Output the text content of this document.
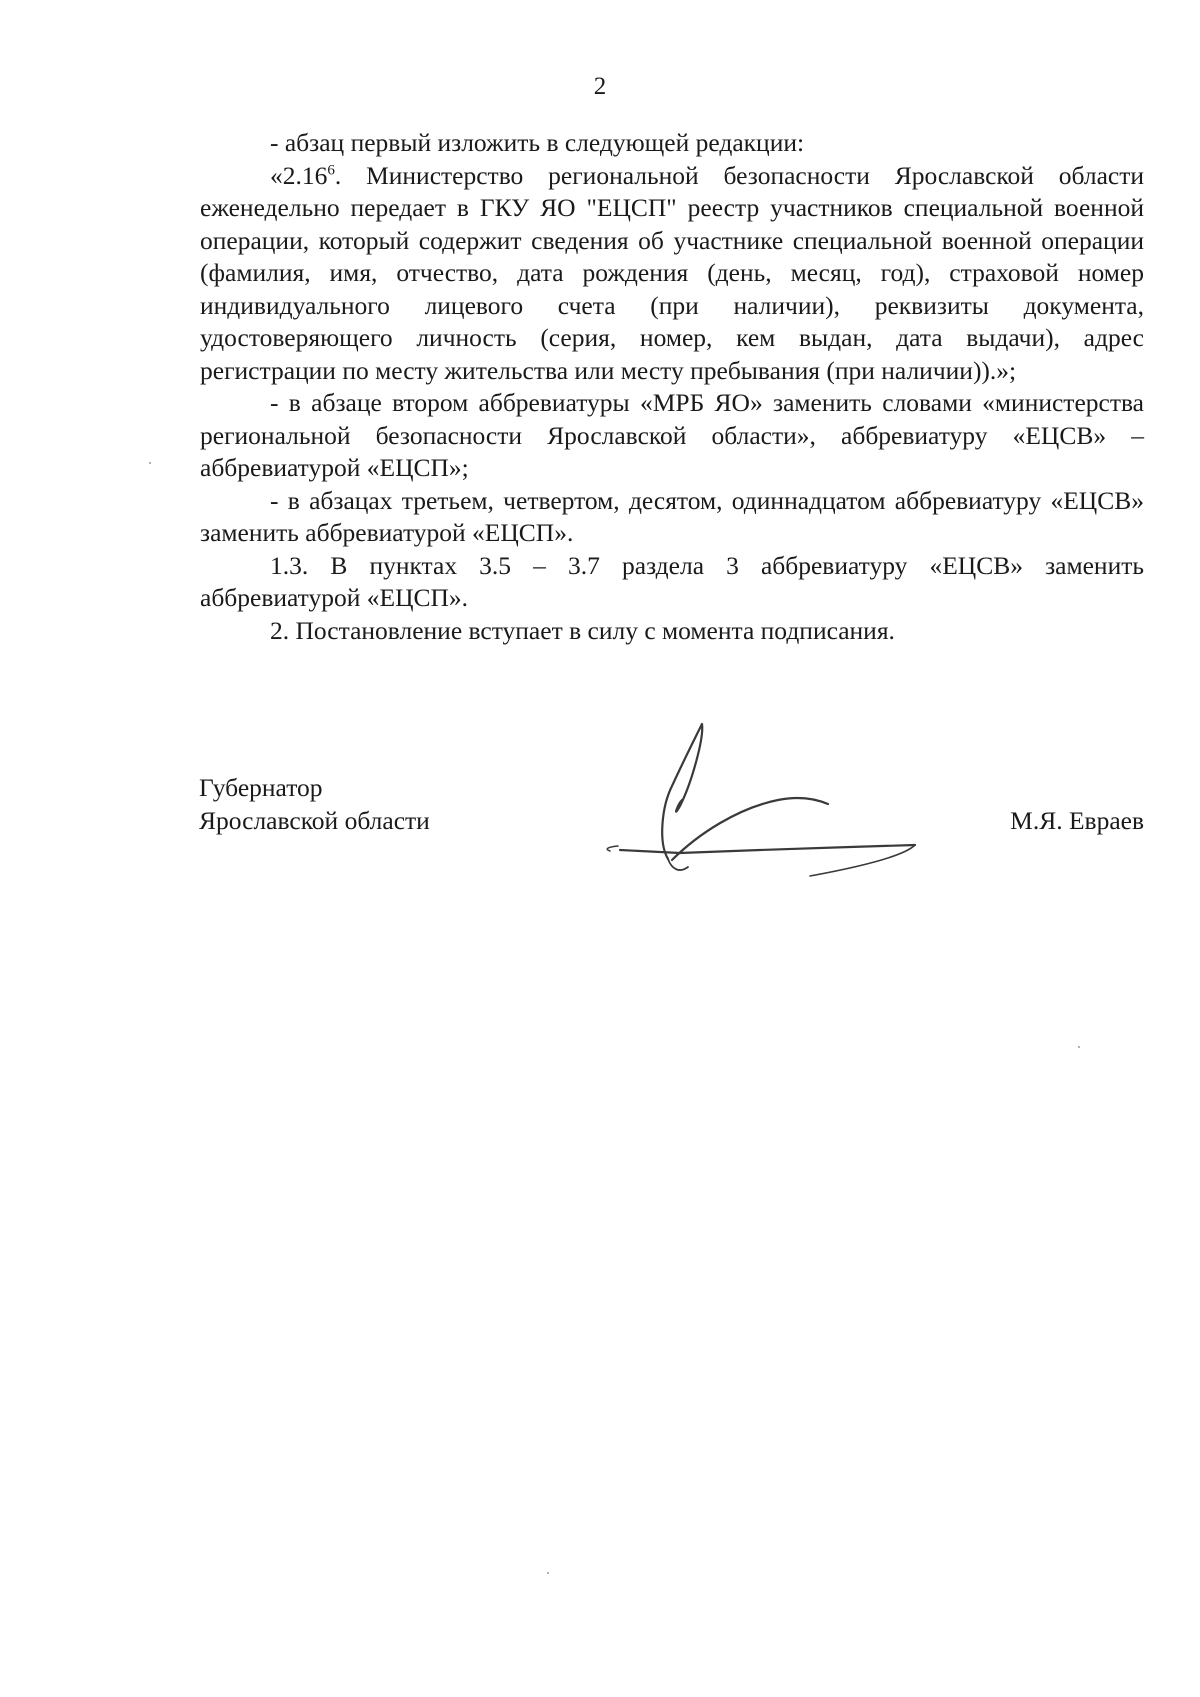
2

- абзац первый изложить в следующей редакции:

«2.16$^6$. Министерство региональной безопасности Ярославской области еженедельно передает в ГКУ ЯО "ЕЦСП" реестр участников специальной военной операции, который содержит сведения об участнике специальной военной операции (фамилия, имя, отчество, дата рождения (день, месяц, год), страховой номер индивидуального лицевого счета (при наличии), реквизиты документа, удостоверяющего личность (серия, номер, кем выдан, дата выдачи), адрес регистрации по месту жительства или месту пребывания (при наличии)).»;

- в абзаце втором аббревиатуры «МРБ ЯО» заменить словами «министерства региональной безопасности Ярославской области», аббревиатуру «ЕЦСВ» – аббревиатурой «ЕЦСП»;

- в абзацах третьем, четвертом, десятом, одиннадцатом аббревиатуру «ЕЦСВ» заменить аббревиатурой «ЕЦСП».

1.3. В пунктах 3.5 – 3.7 раздела 3 аббревиатуру «ЕЦСВ» заменить аббревиатурой «ЕЦСП».

2. Постановление вступает в силу с момента подписания.

Губернатор
Ярославской области	М.Я. Евраев
